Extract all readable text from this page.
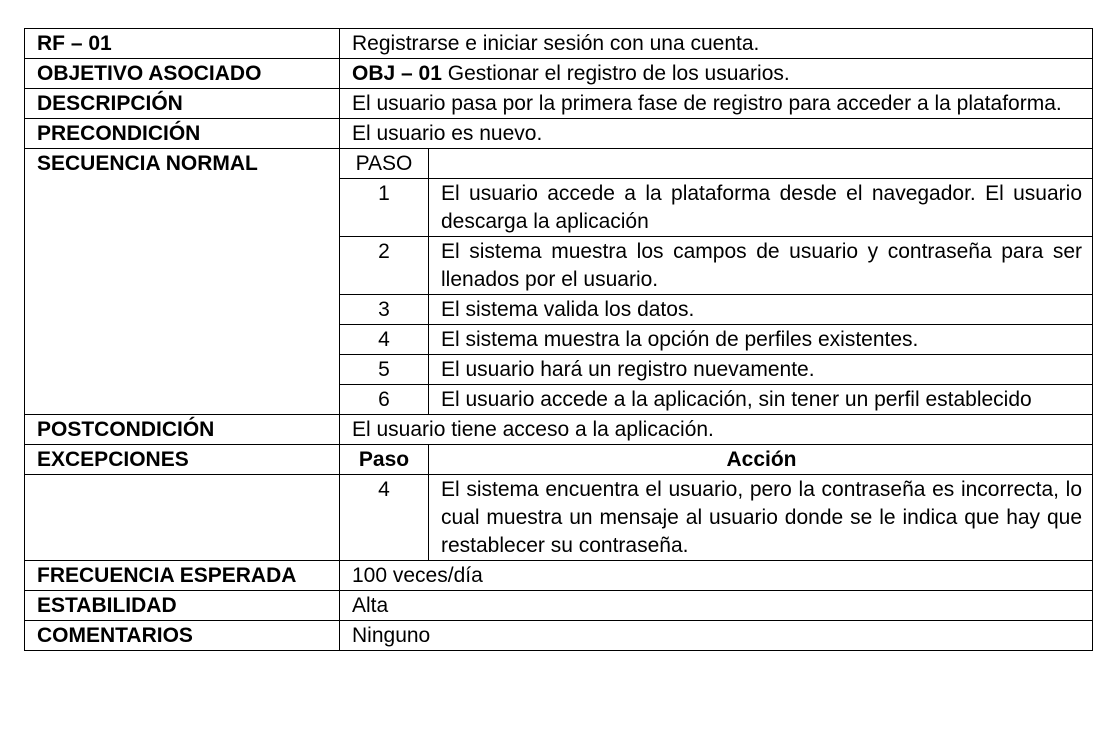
RF – 01	Registrarse e iniciar sesión con una cuenta.	
OBJETIVO ASOCIADO	OBJ – 01 Gestionar el registro de los usuarios.	
DESCRIPCIÓN	El usuario pasa por la primera fase de registro para acceder a la plataforma.	
PRECONDICIÓN	El usuario es nuevo.	
SECUENCIA NORMAL	PASO	
	1	El usuario accede a la plataforma desde el navegador. El usuario descarga la aplicación
	2	El sistema muestra los campos de usuario y contraseña para ser llenados por el usuario.
	3	El sistema valida los datos.
	4	El sistema muestra la opción de perfiles existentes.
	5	El usuario hará un registro nuevamente.
	6	El usuario accede a la aplicación, sin tener un perfil establecido
POSTCONDICIÓN	El usuario tiene acceso a la aplicación.	
EXCEPCIONES	Paso	Acción
	4	El sistema encuentra el usuario, pero la contraseña es incorrecta, lo cual muestra un mensaje al usuario donde se le indica que hay que restablecer su contraseña.
FRECUENCIA ESPERADA	100 veces/día	
ESTABILIDAD	Alta	
COMENTARIOS	Ninguno	
